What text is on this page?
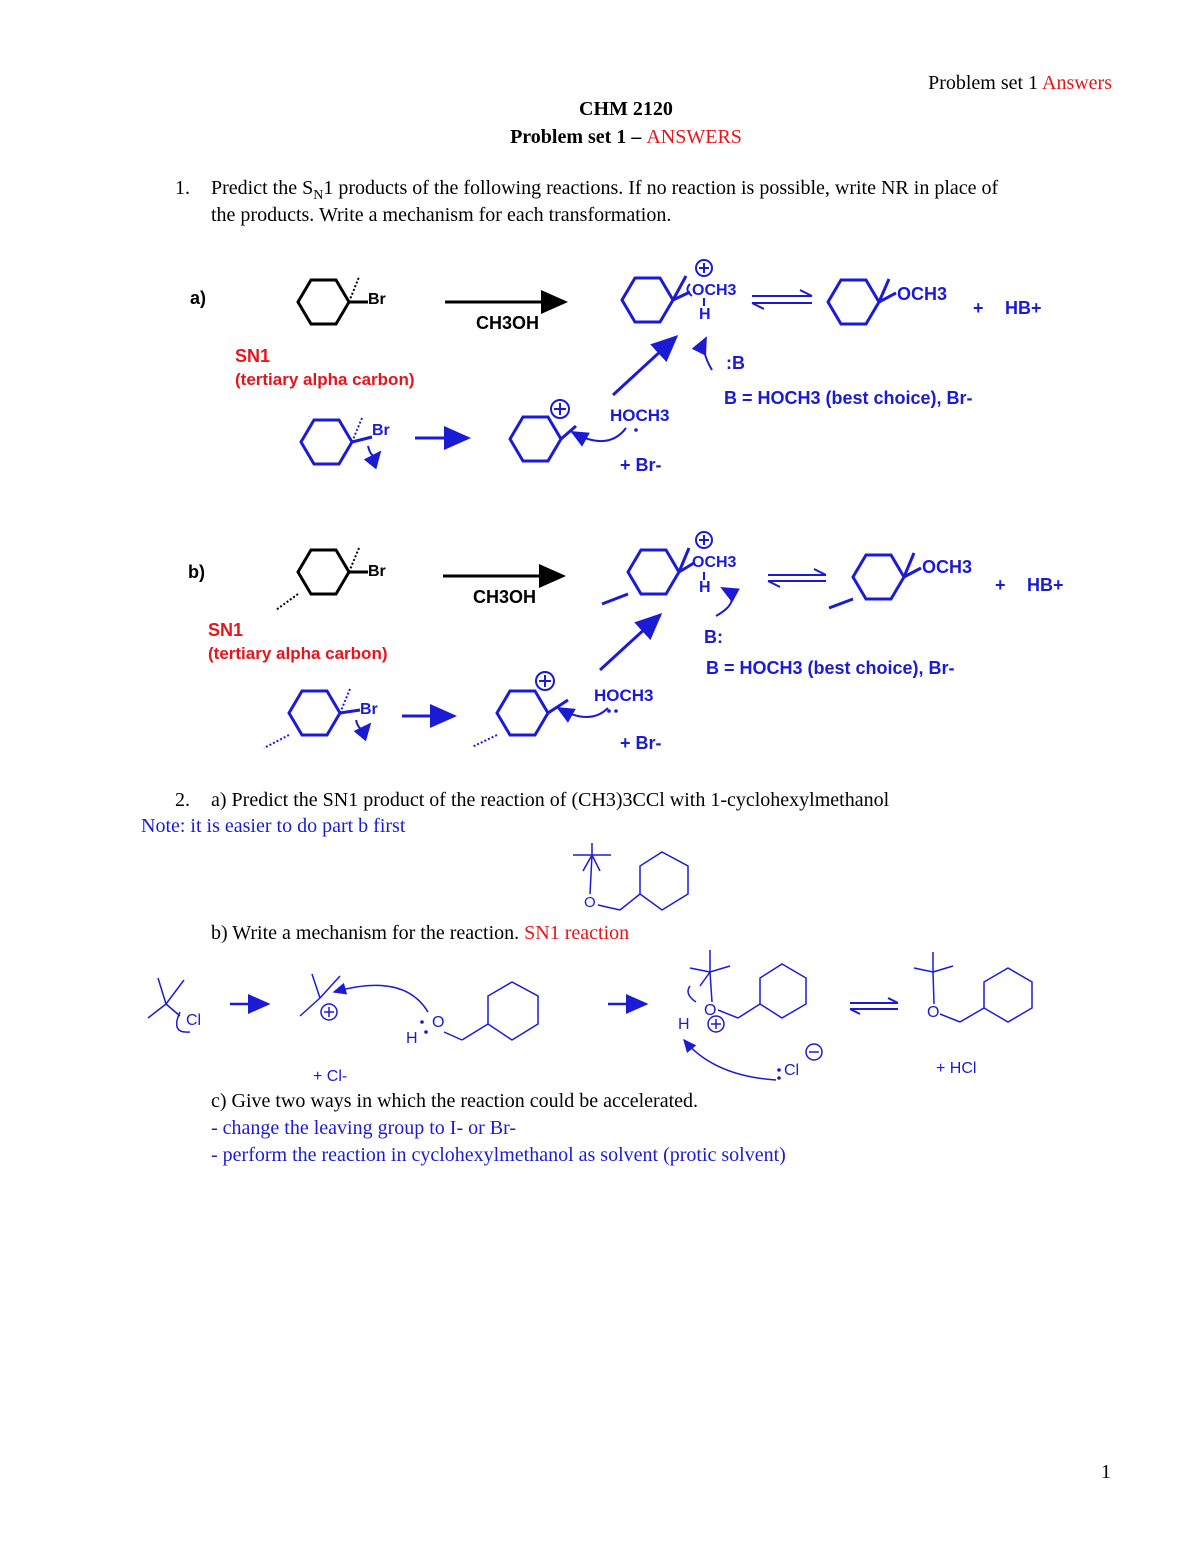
Problem set 1 Answers
CHM 2120
Problem set 1 – ANSWERS
1. Predict the $S_N1$ products of the following reactions. If no reaction is possible, write NR in place of
the products. Write a mechanism for each transformation.
a)	Br
CH3OH
SN1
(tertiary alpha carbon)
OCH3
H
OCH3
+ HB+
:B
B = HOCH3 (best choice), Br-
Br
HOCH3
+ Br-
b)	Br
CH3OH
SN1
(tertiary alpha carbon)
OCH3
H
OCH3
+ HB+
B:
B = HOCH3 (best choice), Br-
Br
HOCH3
+ Br-
2. a) Predict the SN1 product of the reaction of (CH3)3CCl with 1-cyclohexylmethanol
Note: it is easier to do part b first
O
b) Write a mechanism for the reaction. SN1 reaction
Cl
H
O
+ Cl-
H
O
Cl
O
+ HCl
c) Give two ways in which the reaction could be accelerated.
- change the leaving group to I- or Br-
- perform the reaction in cyclohexylmethanol as solvent (protic solvent)
1
